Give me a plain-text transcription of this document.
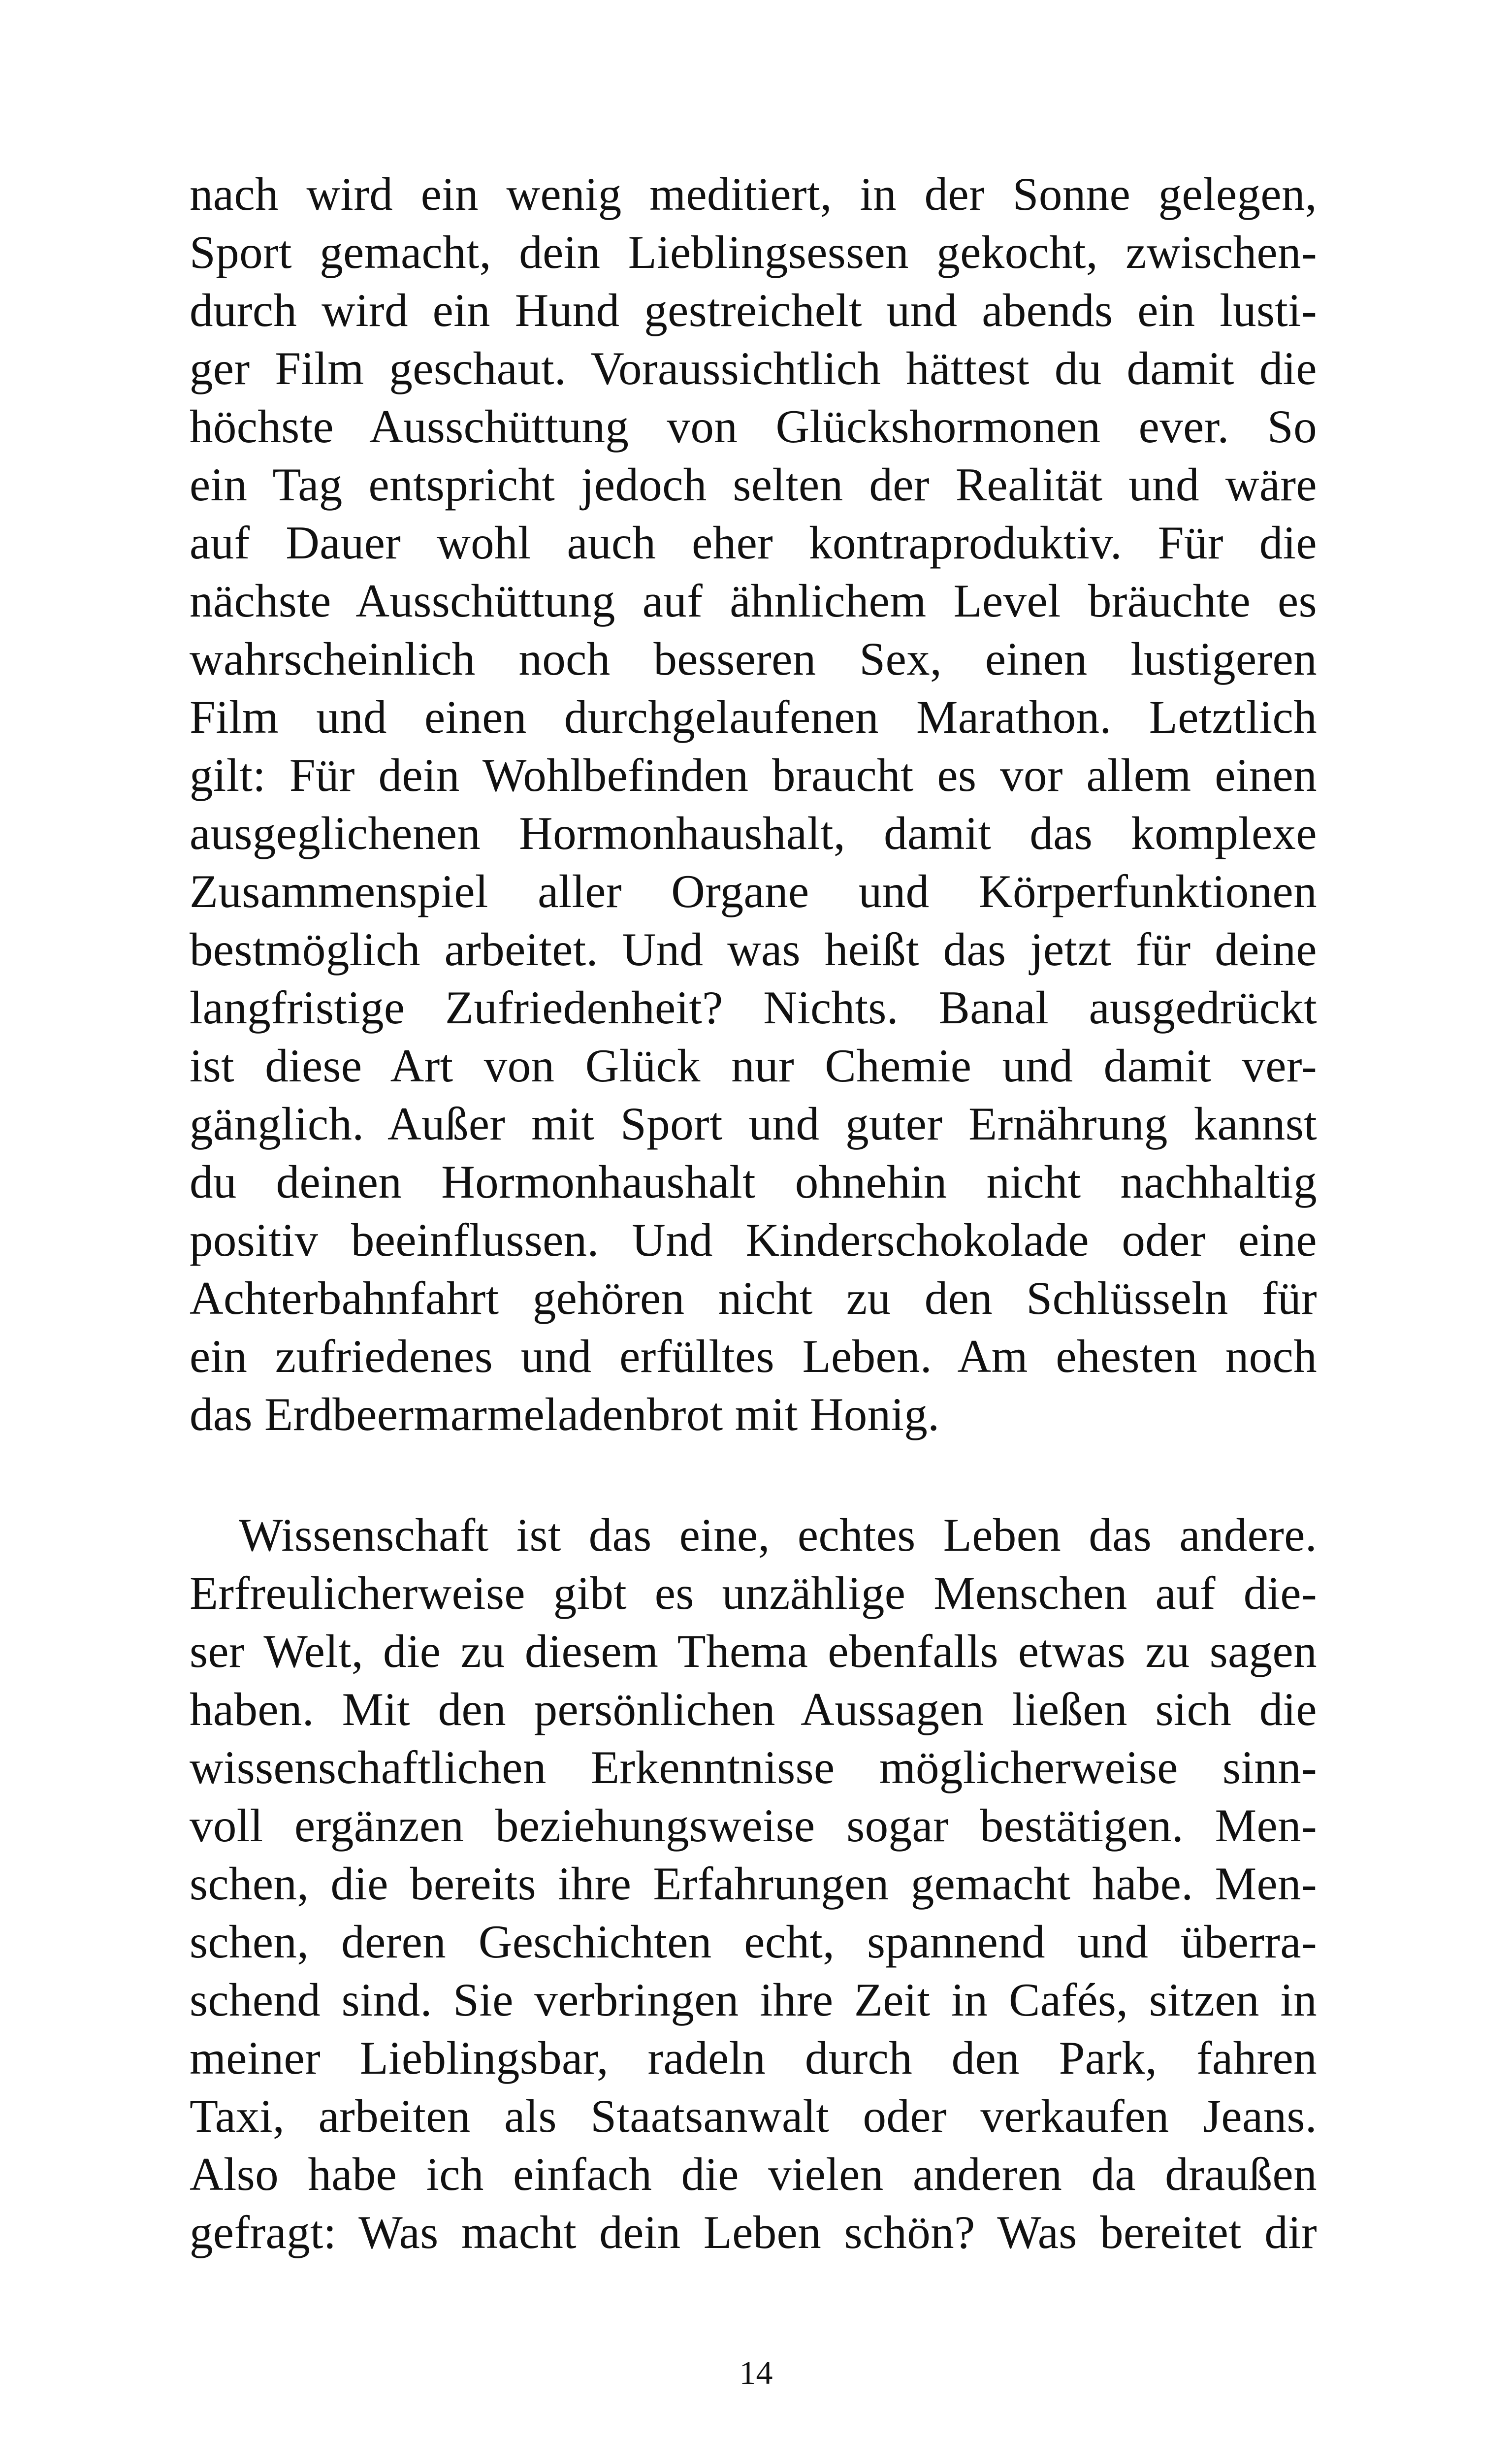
nach wird ein wenig meditiert, in der Sonne gelegen,
Sport gemacht, dein Lieblingsessen gekocht, zwischen-
durch wird ein Hund gestreichelt und abends ein lusti-
ger Film geschaut. Voraussichtlich hättest du damit die
höchste Ausschüttung von Glückshormonen ever. So
ein Tag entspricht jedoch selten der Realität und wäre
auf Dauer wohl auch eher kontraproduktiv. Für die
nächste Ausschüttung auf ähnlichem Level bräuchte es
wahrscheinlich noch besseren Sex, einen lustigeren
Film und einen durchgelaufenen Marathon. Letztlich
gilt: Für dein Wohlbefinden braucht es vor allem einen
ausgeglichenen Hormonhaushalt, damit das komplexe
Zusammenspiel aller Organe und Körperfunktionen
bestmöglich arbeitet. Und was heißt das jetzt für deine
langfristige Zufriedenheit? Nichts. Banal ausgedrückt
ist diese Art von Glück nur Chemie und damit ver-
gänglich. Außer mit Sport und guter Ernährung kannst
du deinen Hormonhaushalt ohnehin nicht nachhaltig
positiv beeinflussen. Und Kinderschokolade oder eine
Achterbahnfahrt gehören nicht zu den Schlüsseln für
ein zufriedenes und erfülltes Leben. Am ehesten noch
das Erdbeermarmeladenbrot mit Honig.
Wissenschaft ist das eine, echtes Leben das andere.
Erfreulicherweise gibt es unzählige Menschen auf die-
ser Welt, die zu diesem Thema ebenfalls etwas zu sagen
haben. Mit den persönlichen Aussagen ließen sich die
wissenschaftlichen Erkenntnisse möglicherweise sinn-
voll ergänzen beziehungsweise sogar bestätigen. Men-
schen, die bereits ihre Erfahrungen gemacht habe. Men-
schen, deren Geschichten echt, spannend und überra-
schend sind. Sie verbringen ihre Zeit in Cafés, sitzen in
meiner Lieblingsbar, radeln durch den Park, fahren
Taxi, arbeiten als Staatsanwalt oder verkaufen Jeans.
Also habe ich einfach die vielen anderen da draußen
gefragt: Was macht dein Leben schön? Was bereitet dir
14
